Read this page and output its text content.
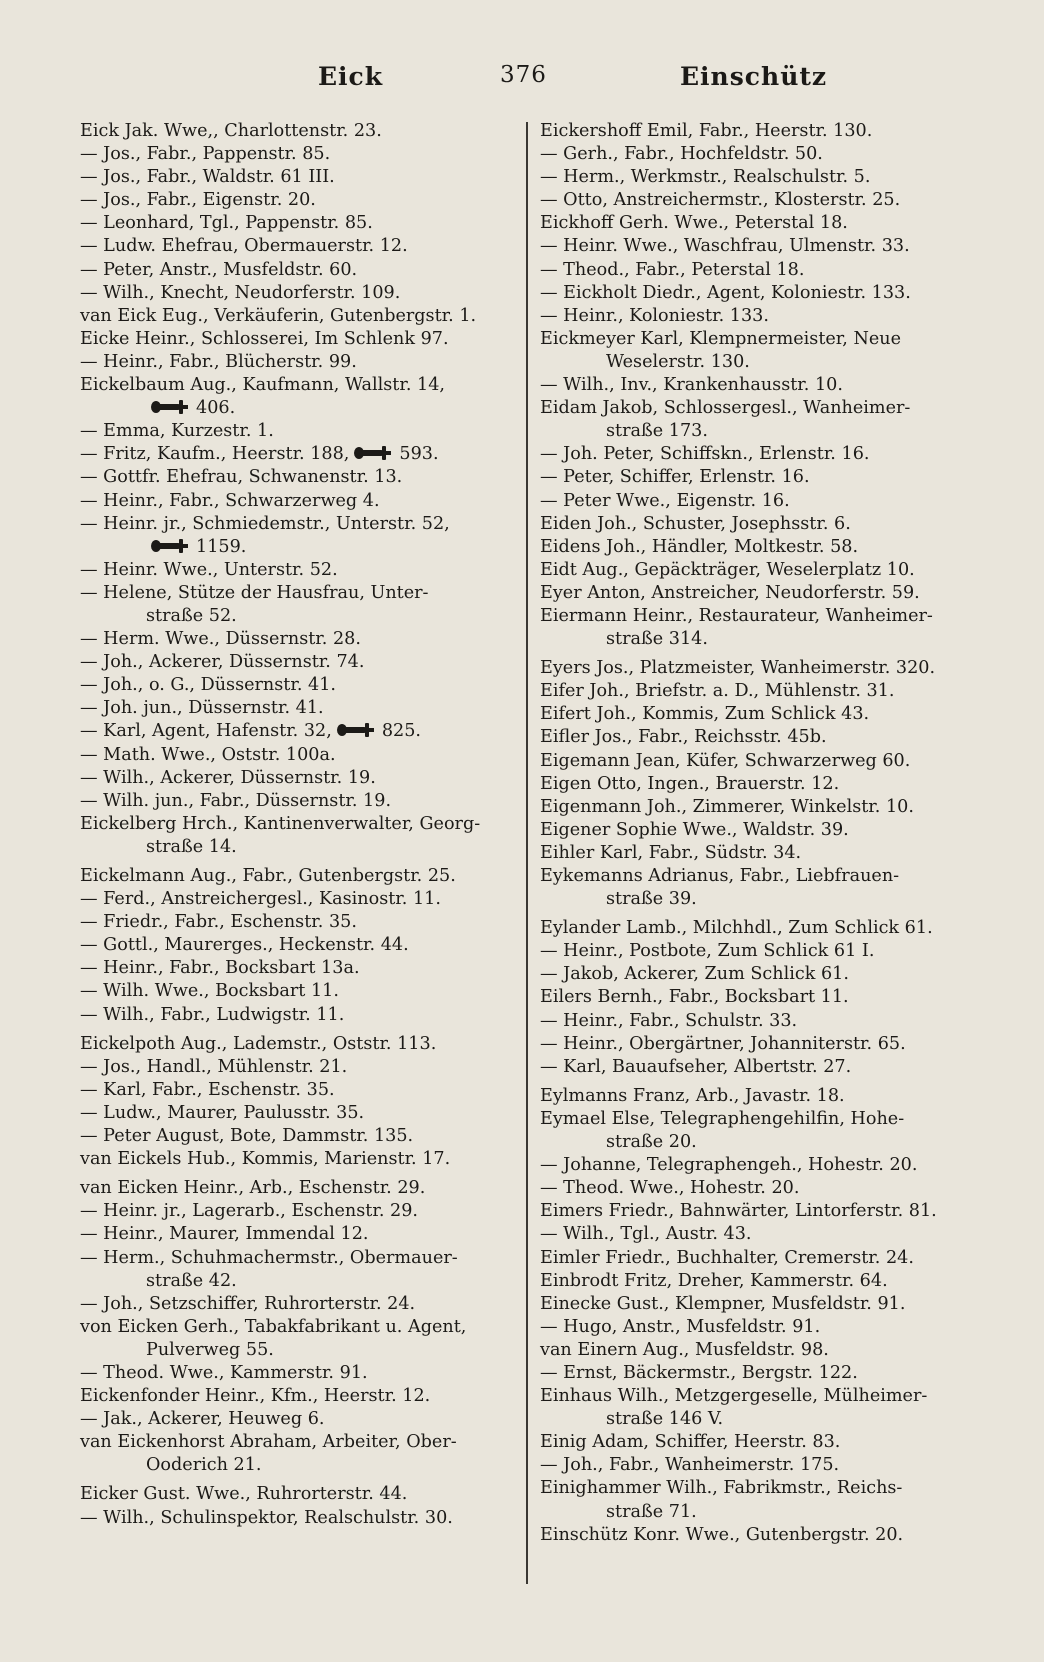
Eick	376	Einschütz
Eick Jak. Wwe,, Charlottenstr. 23.
— Jos., Fabr., Pappenstr. 85.
— Jos., Fabr., Waldstr. 61 III.
— Jos., Fabr., Eigenstr. 20.
— Leonhard, Tgl., Pappenstr. 85.
— Ludw. Ehefrau, Obermauerstr. 12.
— Peter, Anstr., Musfeldstr. 60.
— Wilh., Knecht, Neudorferstr. 109.
van Eick Eug., Verkäuferin, Gutenbergstr. 1.
Eicke Heinr., Schlosserei, Im Schlenk 97.
— Heinr., Fabr., Blücherstr. 99.
Eickelbaum Aug., Kaufmann, Wallstr. 14,
406.
— Emma, Kurzestr. 1.
— Fritz, Kaufm., Heerstr. 188,	593.
— Gottfr. Ehefrau, Schwanenstr. 13.
— Heinr., Fabr., Schwarzerweg 4.
— Heinr. jr., Schmiedemstr., Unterstr. 52,
1159.
— Heinr. Wwe., Unterstr. 52.
— Helene, Stütze der Hausfrau, Unter-
straße 52.
— Herm. Wwe., Düssernstr. 28.
— Joh., Ackerer, Düssernstr. 74.
— Joh., o. G., Düssernstr. 41.
— Joh. jun., Düssernstr. 41.
— Karl, Agent, Hafenstr. 32,	825.
— Math. Wwe., Oststr. 100a.
— Wilh., Ackerer, Düssernstr. 19.
— Wilh. jun., Fabr., Düssernstr. 19.
Eickelberg Hrch., Kantinenverwalter, Georg-
straße 14.
Eickelmann Aug., Fabr., Gutenbergstr. 25.
— Ferd., Anstreichergesl., Kasinostr. 11.
— Friedr., Fabr., Eschenstr. 35.
— Gottl., Maurerges., Heckenstr. 44.
— Heinr., Fabr., Bocksbart 13a.
— Wilh. Wwe., Bocksbart 11.
— Wilh., Fabr., Ludwigstr. 11.
Eickelpoth Aug., Lademstr., Oststr. 113.
— Jos., Handl., Mühlenstr. 21.
— Karl, Fabr., Eschenstr. 35.
— Ludw., Maurer, Paulusstr. 35.
— Peter August, Bote, Dammstr. 135.
van Eickels Hub., Kommis, Marienstr. 17.
van Eicken Heinr., Arb., Eschenstr. 29.
— Heinr. jr., Lagerarb., Eschenstr. 29.
— Heinr., Maurer, Immendal 12.
— Herm., Schuhmachermstr., Obermauer-
straße 42.
— Joh., Setzschiffer, Ruhrorterstr. 24.
von Eicken Gerh., Tabakfabrikant u. Agent,
Pulverweg 55.
— Theod. Wwe., Kammerstr. 91.
Eickenfonder Heinr., Kfm., Heerstr. 12.
— Jak., Ackerer, Heuweg 6.
van Eickenhorst Abraham, Arbeiter, Ober-
Ooderich 21.
Eicker Gust. Wwe., Ruhrorterstr. 44.
— Wilh., Schulinspektor, Realschulstr. 30.
Eickershoff Emil, Fabr., Heerstr. 130.
— Gerh., Fabr., Hochfeldstr. 50.
— Herm., Werkmstr., Realschulstr. 5.
— Otto, Anstreichermstr., Klosterstr. 25.
Eickhoff Gerh. Wwe., Peterstal 18.
— Heinr. Wwe., Waschfrau, Ulmenstr. 33.
— Theod., Fabr., Peterstal 18.
— Eickholt Diedr., Agent, Koloniestr. 133.
— Heinr., Koloniestr. 133.
Eickmeyer Karl, Klempnermeister, Neue
Weselerstr. 130.
— Wilh., Inv., Krankenhausstr. 10.
Eidam Jakob, Schlossergesl., Wanheimer-
straße 173.
— Joh. Peter, Schiffskn., Erlenstr. 16.
— Peter, Schiffer, Erlenstr. 16.
— Peter Wwe., Eigenstr. 16.
Eiden Joh., Schuster, Josephsstr. 6.
Eidens Joh., Händler, Moltkestr. 58.
Eidt Aug., Gepäckträger, Weselerplatz 10.
Eyer Anton, Anstreicher, Neudorferstr. 59.
Eiermann Heinr., Restaurateur, Wanheimer-
straße 314.
Eyers Jos., Platzmeister, Wanheimerstr. 320.
Eifer Joh., Briefstr. a. D., Mühlenstr. 31.
Eifert Joh., Kommis, Zum Schlick 43.
Eifler Jos., Fabr., Reichsstr. 45b.
Eigemann Jean, Küfer, Schwarzerweg 60.
Eigen Otto, Ingen., Brauerstr. 12.
Eigenmann Joh., Zimmerer, Winkelstr. 10.
Eigener Sophie Wwe., Waldstr. 39.
Eihler Karl, Fabr., Südstr. 34.
Eykemanns Adrianus, Fabr., Liebfrauen-
straße 39.
Eylander Lamb., Milchhdl., Zum Schlick 61.
— Heinr., Postbote, Zum Schlick 61 I.
— Jakob, Ackerer, Zum Schlick 61.
Eilers Bernh., Fabr., Bocksbart 11.
— Heinr., Fabr., Schulstr. 33.
— Heinr., Obergärtner, Johanniterstr. 65.
— Karl, Bauaufseher, Albertstr. 27.
Eylmanns Franz, Arb., Javastr. 18.
Eymael Else, Telegraphengehilfin, Hohe-
straße 20.
— Johanne, Telegraphengeh., Hohestr. 20.
— Theod. Wwe., Hohestr. 20.
Eimers Friedr., Bahnwärter, Lintorferstr. 81.
— Wilh., Tgl., Austr. 43.
Eimler Friedr., Buchhalter, Cremerstr. 24.
Einbrodt Fritz, Dreher, Kammerstr. 64.
Einecke Gust., Klempner, Musfeldstr. 91.
— Hugo, Anstr., Musfeldstr. 91.
van Einern Aug., Musfeldstr. 98.
— Ernst, Bäckermstr., Bergstr. 122.
Einhaus Wilh., Metzgergeselle, Mülheimer-
straße 146 V.
Einig Adam, Schiffer, Heerstr. 83.
— Joh., Fabr., Wanheimerstr. 175.
Einighammer Wilh., Fabrikmstr., Reichs-
straße 71.
Einschütz Konr. Wwe., Gutenbergstr. 20.
